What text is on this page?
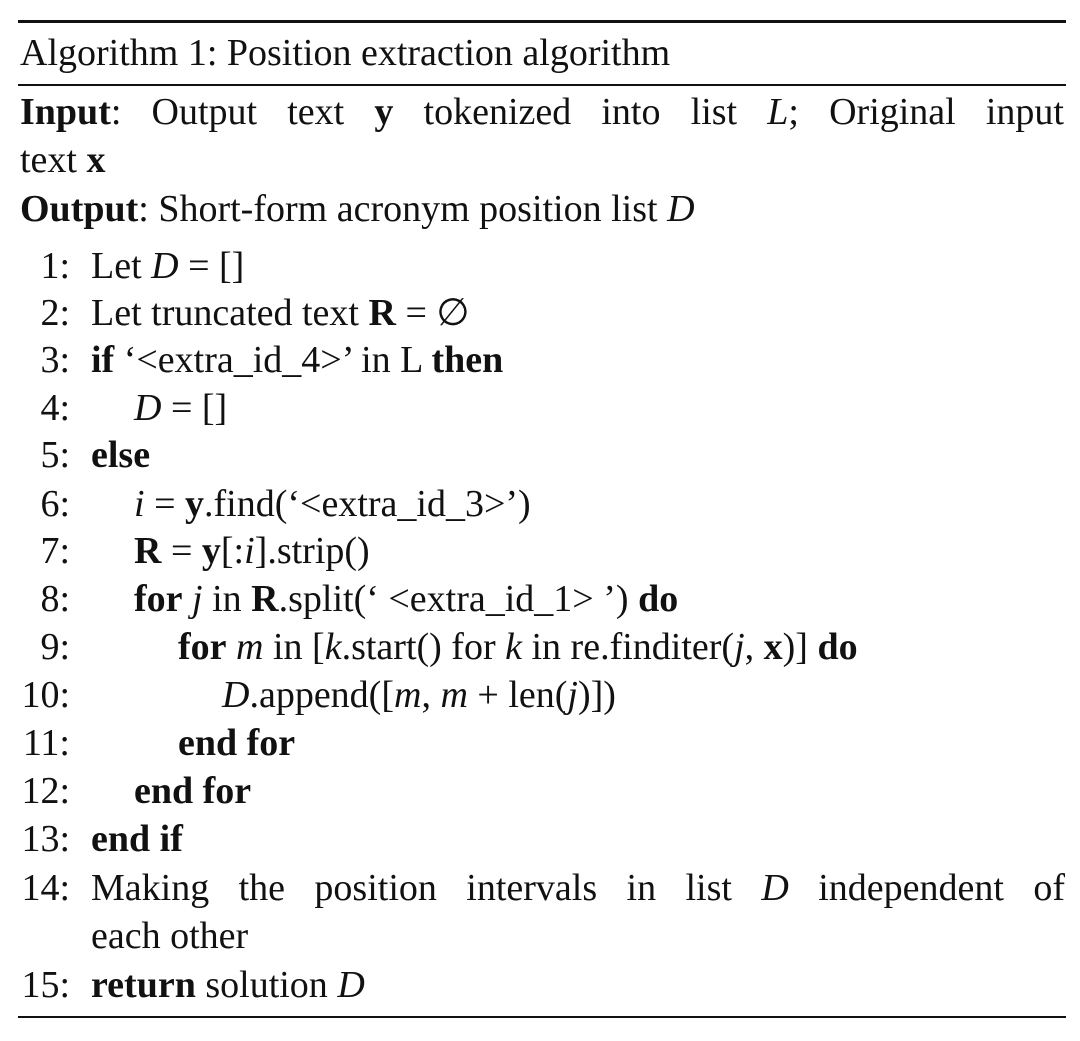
Algorithm 1: Position extraction algorithm
Input: Output text y tokenized into list L; Original input
text x
Output: Short-form acronym position list D
1: Let D = []
2: Let truncated text R = ∅
3: if ‘<extra_id_4>’ in L then
4: D = []
5: else
6: i = y.find(‘<extra_id_3>’)
7: R = y[:i].strip()
8: for j in R.split(‘ <extra_id_1> ’) do
9:	for m in [k.start() for k in re.finditer(j, x)] do
10:	D.append([m, m + len(j)])
11:	end for
12: end for
13: end if
14: Making the position intervals in list D independent of
each other
15: return solution D
